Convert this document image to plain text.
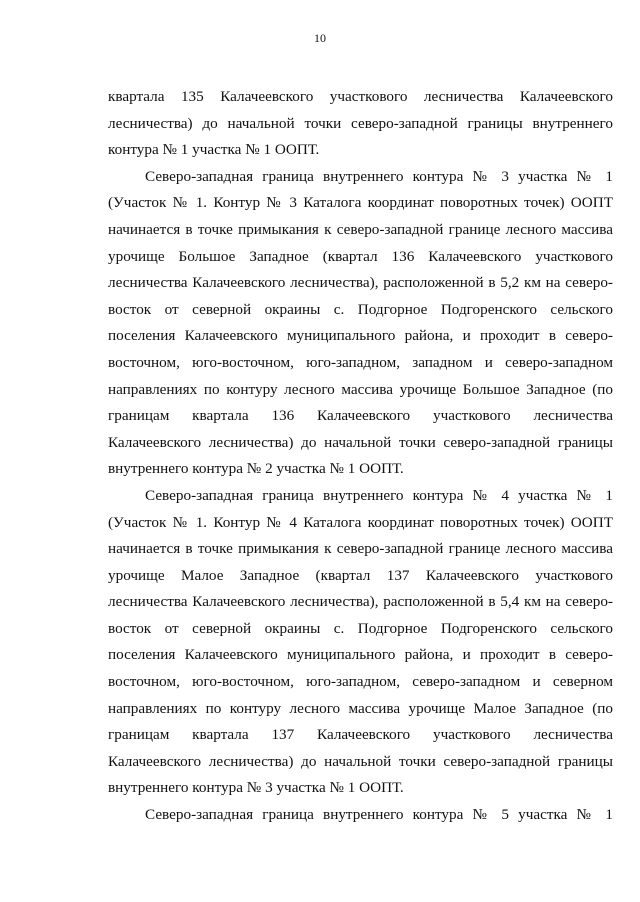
10
квартала 135 Калачеевского участкового лесничества Калачеевского
лесничества) до начальной точки северо-западной границы внутреннего
контура № 1 участка № 1 ООПТ.
Северо-западная граница внутреннего контура № 3 участка № 1
(Участок № 1. Контур № 3 Каталога координат поворотных точек) ООПТ
начинается в точке примыкания к северо-западной границе лесного массива
урочище Большое Западное (квартал 136 Калачеевского участкового
лесничества Калачеевского лесничества), расположенной в 5,2 км на северо-
восток от северной окраины с. Подгорное Подгоренского сельского
поселения Калачеевского муниципального района, и проходит в северо-
восточном, юго-восточном, юго-западном, западном и северо-западном
направлениях по контуру лесного массива урочище Большое Западное (по
границам квартала 136 Калачеевского участкового лесничества
Калачеевского лесничества) до начальной точки северо-западной границы
внутреннего контура № 2 участка № 1 ООПТ.
Северо-западная граница внутреннего контура № 4 участка № 1
(Участок № 1. Контур № 4 Каталога координат поворотных точек) ООПТ
начинается в точке примыкания к северо-западной границе лесного массива
урочище Малое Западное (квартал 137 Калачеевского участкового
лесничества Калачеевского лесничества), расположенной в 5,4 км на северо-
восток от северной окраины с. Подгорное Подгоренского сельского
поселения Калачеевского муниципального района, и проходит в северо-
восточном, юго-восточном, юго-западном, северо-западном и северном
направлениях по контуру лесного массива урочище Малое Западное (по
границам квартала 137 Калачеевского участкового лесничества
Калачеевского лесничества) до начальной точки северо-западной границы
внутреннего контура № 3 участка № 1 ООПТ.
Северо-западная граница внутреннего контура № 5 участка № 1
